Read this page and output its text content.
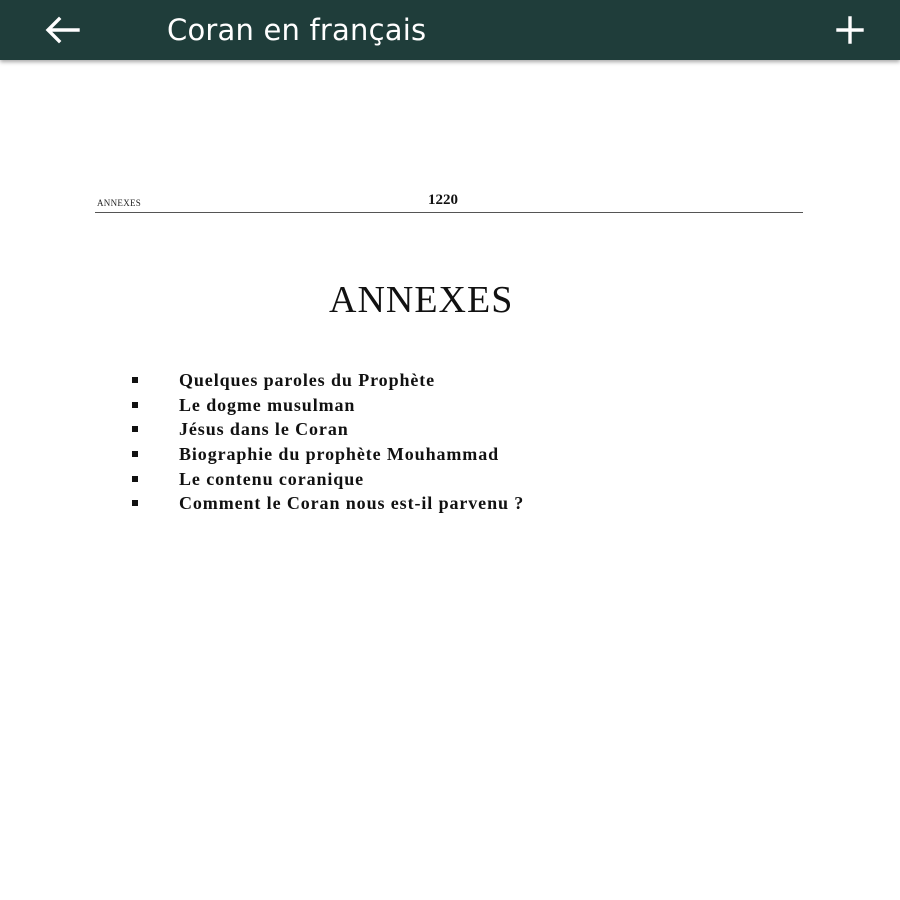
Coran en français
ANNEXES	1220
ANNEXES
Quelques paroles du Prophète
Le dogme musulman
Jésus dans le Coran
Biographie du prophète Mouhammad
Le contenu coranique
Comment le Coran nous est-il parvenu ?
